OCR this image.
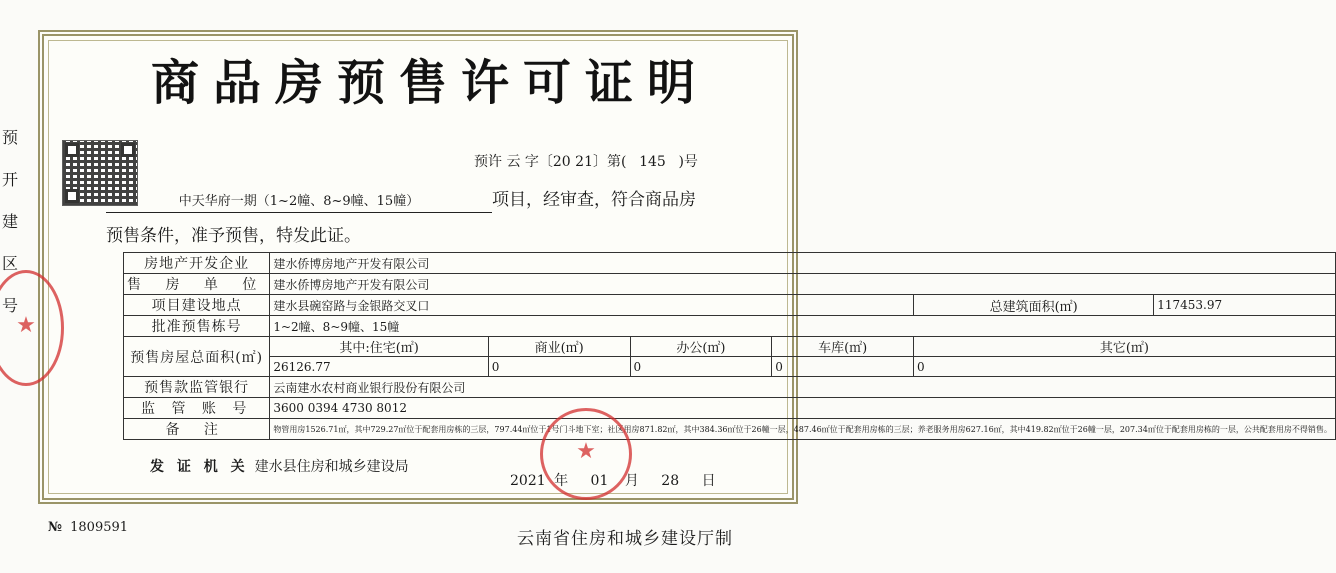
预
开
建
区
号
商品房预售许可证明
预许 云 字〔20 21〕第( 145 )号
中天华府一期（1~2幢、8~9幢、15幢）	项目，经审查，符合商品房
预售条件，准予预售，特发此证。
房地产开发企业	建水侨博房地产开发有限公司					
售 房 单 位	建水侨博房地产开发有限公司					
项目建设地点	建水县碗窑路与金银路交叉口				总建筑面积(㎡)	117453.97
批准预售栋号	1~2幢、8~9幢、15幢					
预售房屋总面积(㎡)	其中:住宅(㎡)	商业(㎡)	办公(㎡)	车库(㎡)	其它(㎡)	
	26126.77	0	0	0	0	
预售款监管银行	云南建水农村商业银行股份有限公司					
监 管 账 号	3600 0394 4730 8012					
备 注	物管用房1526.71㎡，其中729.27㎡位于配套用房栋的三层，797.44㎡位于1号门斗地下室；社区用房871.82㎡，其中384.36㎡位于26幢一层，487.46㎡位于配套用房栋的三层；养老服务用房627.16㎡，其中419.82㎡位于26幢一层，207.34㎡位于配套用房栋的一层，公共配套用房不得销售。					
发 证 机 关 建水县住房和城乡建设局
2021 年 01 月 28 日
★
★
№ 1809591
云南省住房和城乡建设厅制
